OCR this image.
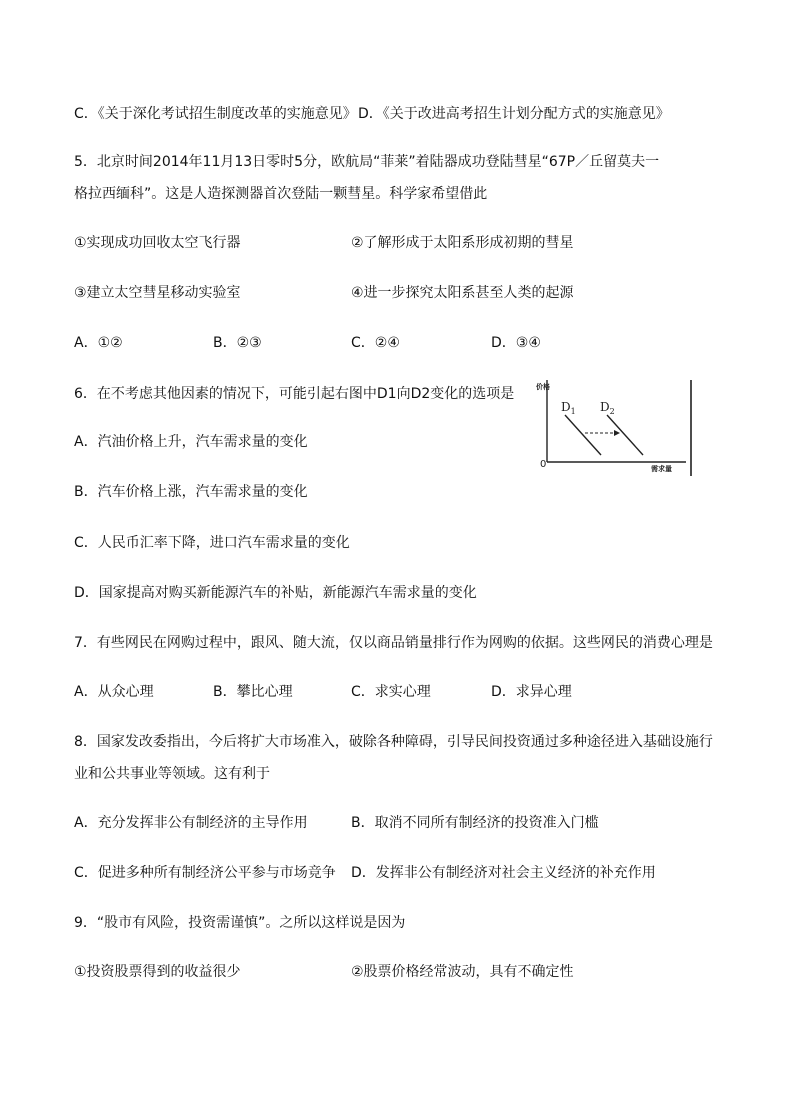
C．《关于深化考试招生制度改革的实施意见》 D．《关于改进高考招生计划分配方式的实施意见》
5．北京时间2014年11月13日零时5分，欧航局“菲莱”着陆器成功登陆彗星“67P／丘留莫夫一
格拉西缅科”。这是人造探测器首次登陆一颗彗星。科学家希望借此
①实现成功回收太空飞行器	②了解形成于太阳系形成初期的彗星
③建立太空彗星移动实验室	④进一步探究太阳系甚至人类的起源
A．①②	B．②③	C．②④	D．③④
6．在不考虑其他因素的情况下，可能引起右图中D1向D2变化的选项是
A．汽油价格上升，汽车需求量的变化
B．汽车价格上涨，汽车需求量的变化
C．人民币汇率下降，进口汽车需求量的变化
D．国家提高对购买新能源汽车的补贴，新能源汽车需求量的变化
价格
需求量
0
$D_1$ $D_2$
7．有些网民在网购过程中，跟风、随大流，仅以商品销量排行作为网购的依据。这些网民的消费心理是
A．从众心理	B．攀比心理	C．求实心理	D．求异心理
8．国家发改委指出，今后将扩大市场准入，破除各种障碍，引导民间投资通过多种途径进入基础设施行
业和公共事业等领域。这有利于
A．充分发挥非公有制经济的主导作用	B．取消不同所有制经济的投资准入门槛
C．促进多种所有制经济公平参与市场竞争 D．发挥非公有制经济对社会主义经济的补充作用
9．“股市有风险，投资需谨慎”。之所以这样说是因为
①投资股票得到的收益很少	②股票价格经常波动，具有不确定性
